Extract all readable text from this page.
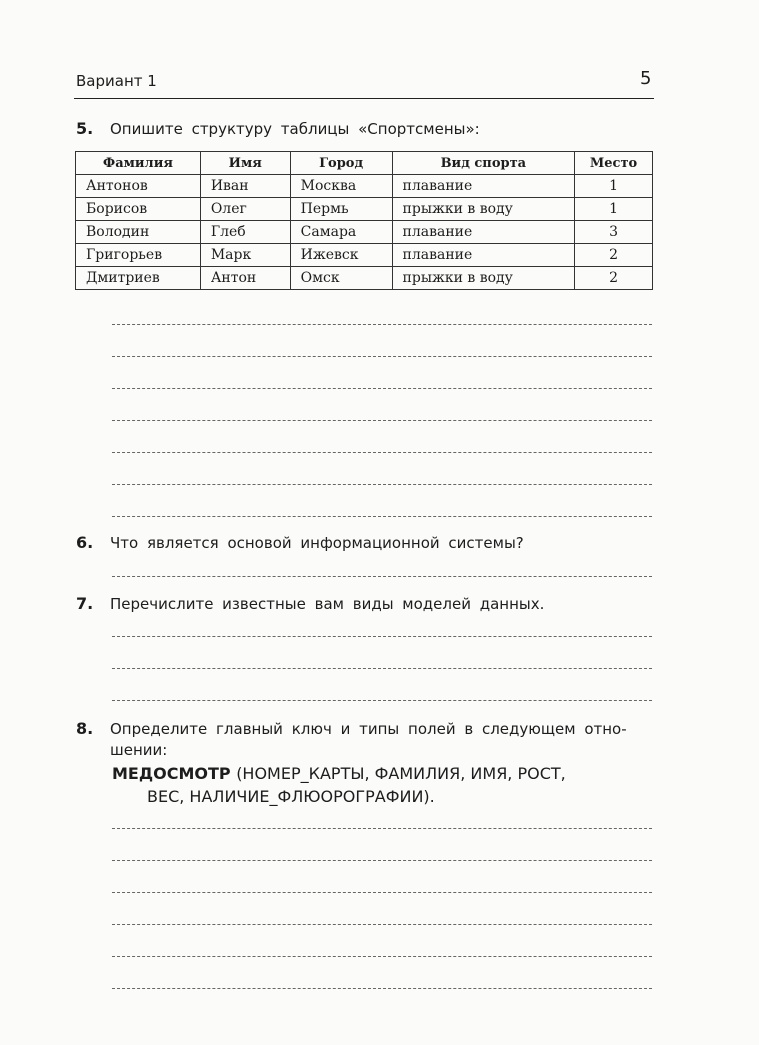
Вариант 1	5
5. Опишите структуру таблицы «Спортсмены»:
Фамилия	Имя	Город	Вид спорта	Место
Антонов	Иван	Москва	плавание	1
Борисов	Олег	Пермь	прыжки в воду	1
Володин	Глеб	Самара	плавание	3
Григорьев	Марк	Ижевск	плавание	2
Дмитриев	Антон	Омск	прыжки в воду	2
6. Что является основой информационной системы?
7. Перечислите известные вам виды моделей данных.
8. Определите главный ключ и типы полей в следующем отно-
шении:
МЕДОСМОТР (НОМЕР_КАРТЫ, ФАМИЛИЯ, ИМЯ, РОСТ,
ВЕС, НАЛИЧИЕ_ФЛЮОРОГРАФИИ).
